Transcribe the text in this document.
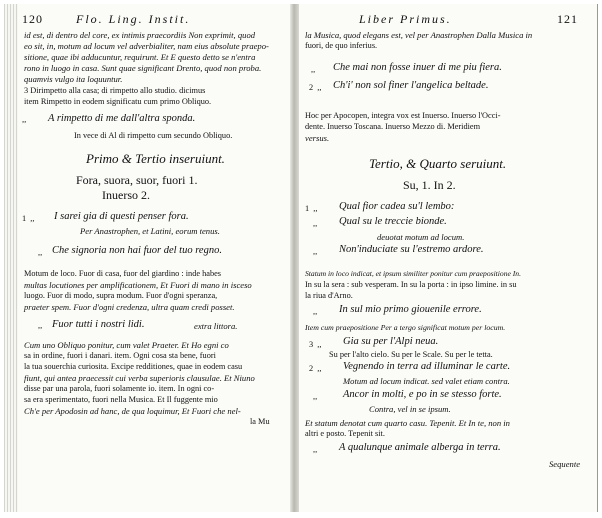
120	Flo. Ling. Instit.
id est, di dentro del core, ex intimis praecordiis Non exprimit, quod
eo sit, in, motum ad locum vel adverbialiter, nam eius absolute praepo-
sitione, quae ibi adducuntur, requirunt. Et E questo detto se n'entra
rono in luogo in casa. Sunt quae significant Drento, quod non proba.
quamvis vulgo ita loquuntur.
3 Dirimpetto alla casa; di rimpetto allo studio. dicimus
item Rimpetto in eodem significatu cum primo Obliquo.
,, A rimpetto di me dall'altra sponda.
In vece di Al di rimpetto cum secundo Obliquo.
Primo & Tertio inseruiunt.
Fora, suora, suor, fuori 1.
Inuerso 2.
1  ,, I sarei gia di questi penser fora.
Per Anastrophen, et Latini, eorum tenus.
,, Che signoria non hai fuor del tuo regno.
Motum de loco. Fuor di casa, fuor del giardino : inde habes
multas locutiones per amplificationem, Et Fuori di mano in isceso
luogo. Fuor di modo, supra modum. Fuor d'ogni speranza,
praeter spem. Fuor d'ogni credenza, ultra quam credi posset.
,, Fuor tutti i nostri lidi.	extra littora.
Cum uno Obliquo ponitur, cum valet Praeter. Et Ho egni co
sa in ordine, fuori i danari. item. Ogni cosa sta bene, fuori
la tua souerchia curiosita. Excipe redditiones, quae in eodem casu
fiunt, qui antea praecessit cui verba superioris clausulae. Et Niuno
disse par una parola, fuori solamente io. item. In ogni co-
sa era sperimentato, fuori nella Musica. Et Il fuggente mio
Ch'e per Apodosin ad hanc, de qua loquimur, Et Fuori che nel-
la Mu
Liber Primus.	121
la Musica, quod elegans est, vel per Anastrophen Dalla Musica in
fuori, de quo inferius.
,, Che mai non fosse inuer di me piu fiera.
2  ,, Ch'i' non sol finer l'angelica beltade.
Hoc per Apocopen, integra vox est Inuerso. Inuerso l'Occi-
dente. Inuerso Toscana. Inuerso Mezzo di. Meridiem
versus.
Tertio, & Quarto seruiunt.
Su, 1. In 2.
1  ,, Qual fior cadea su'l lembo:
,, Qual su le treccie bionde.
deuotat motum ad locum.
,, Non'induciate su l'estremo ardore.
Statum in loco indicat, et ipsum similiter ponitur cum praepositione In.
In su la sera : sub vesperam. In su la porta : in ipso limine. in su
la riua d'Arno.
,, In sul mio primo giouenile errore.
Item cum praepositione Per a tergo significat motum per locum.
3  ,, Gia su per l'Alpi neua.
Su per l'alto cielo. Su per le Scale. Su per le tetta.
2  ,, Vegnendo in terra ad illuminar le carte.
Motum ad locum indicat. sed valet etiam contra.
,, Ancor in molti, e po in se stesso forte.
Contra, vel in se ipsum.
Et statum denotat cum quarto casu. Tepenit. Et In te, non in
altri e posto. Tepenit sit.
,, A qualunque animale alberga in terra.
Sequente
